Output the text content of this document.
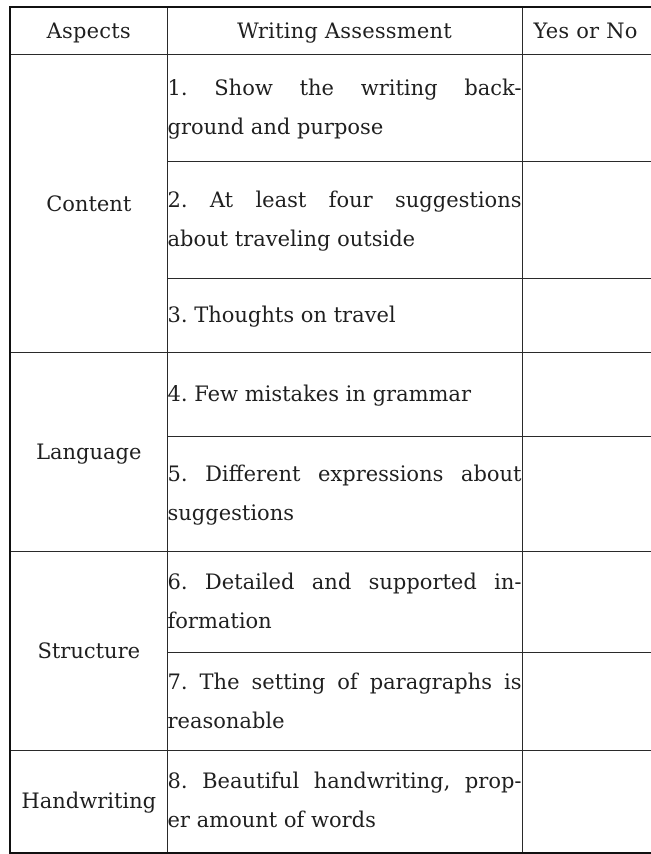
Aspects	Writing Assessment	Yes or No
Content	1. Show the writing back- ground and purpose	
	2. At least four suggestions about traveling outside	
	3. Thoughts on travel	
Language	4. Few mistakes in grammar	
	5. Different expressions about suggestions	
Structure	6. Detailed and supported in- formation	
	7. The setting of paragraphs is reasonable	
Handwriting	8. Beautiful handwriting, prop- er amount of words	
